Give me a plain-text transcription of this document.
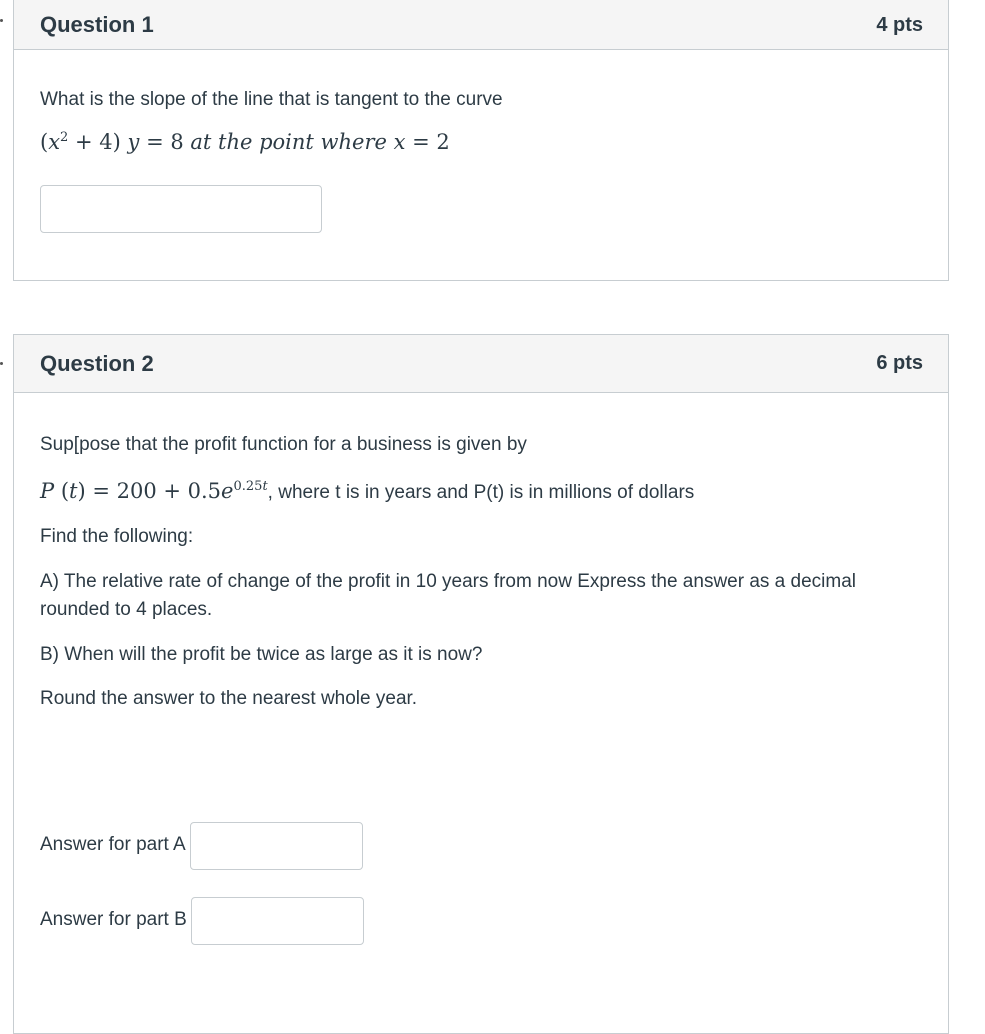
Question 1	4 pts
What is the slope of the line that is tangent to the curve
$(x^2 + 4) y = 8$ at the point where x = 2
Question 2	6 pts
Sup[pose that the profit function for a business is given by
P $(t) = 200 + 0.5e^{0.25t}$, where t is in years and P(t) is in millions of dollars
Find the following:
A) The relative rate of change of the profit in 10 years from now Express the answer as a decimal rounded to 4 places.
B) When will the profit be twice as large as it is now?
Round the answer to the nearest whole year.
Answer for part A
Answer for part B
